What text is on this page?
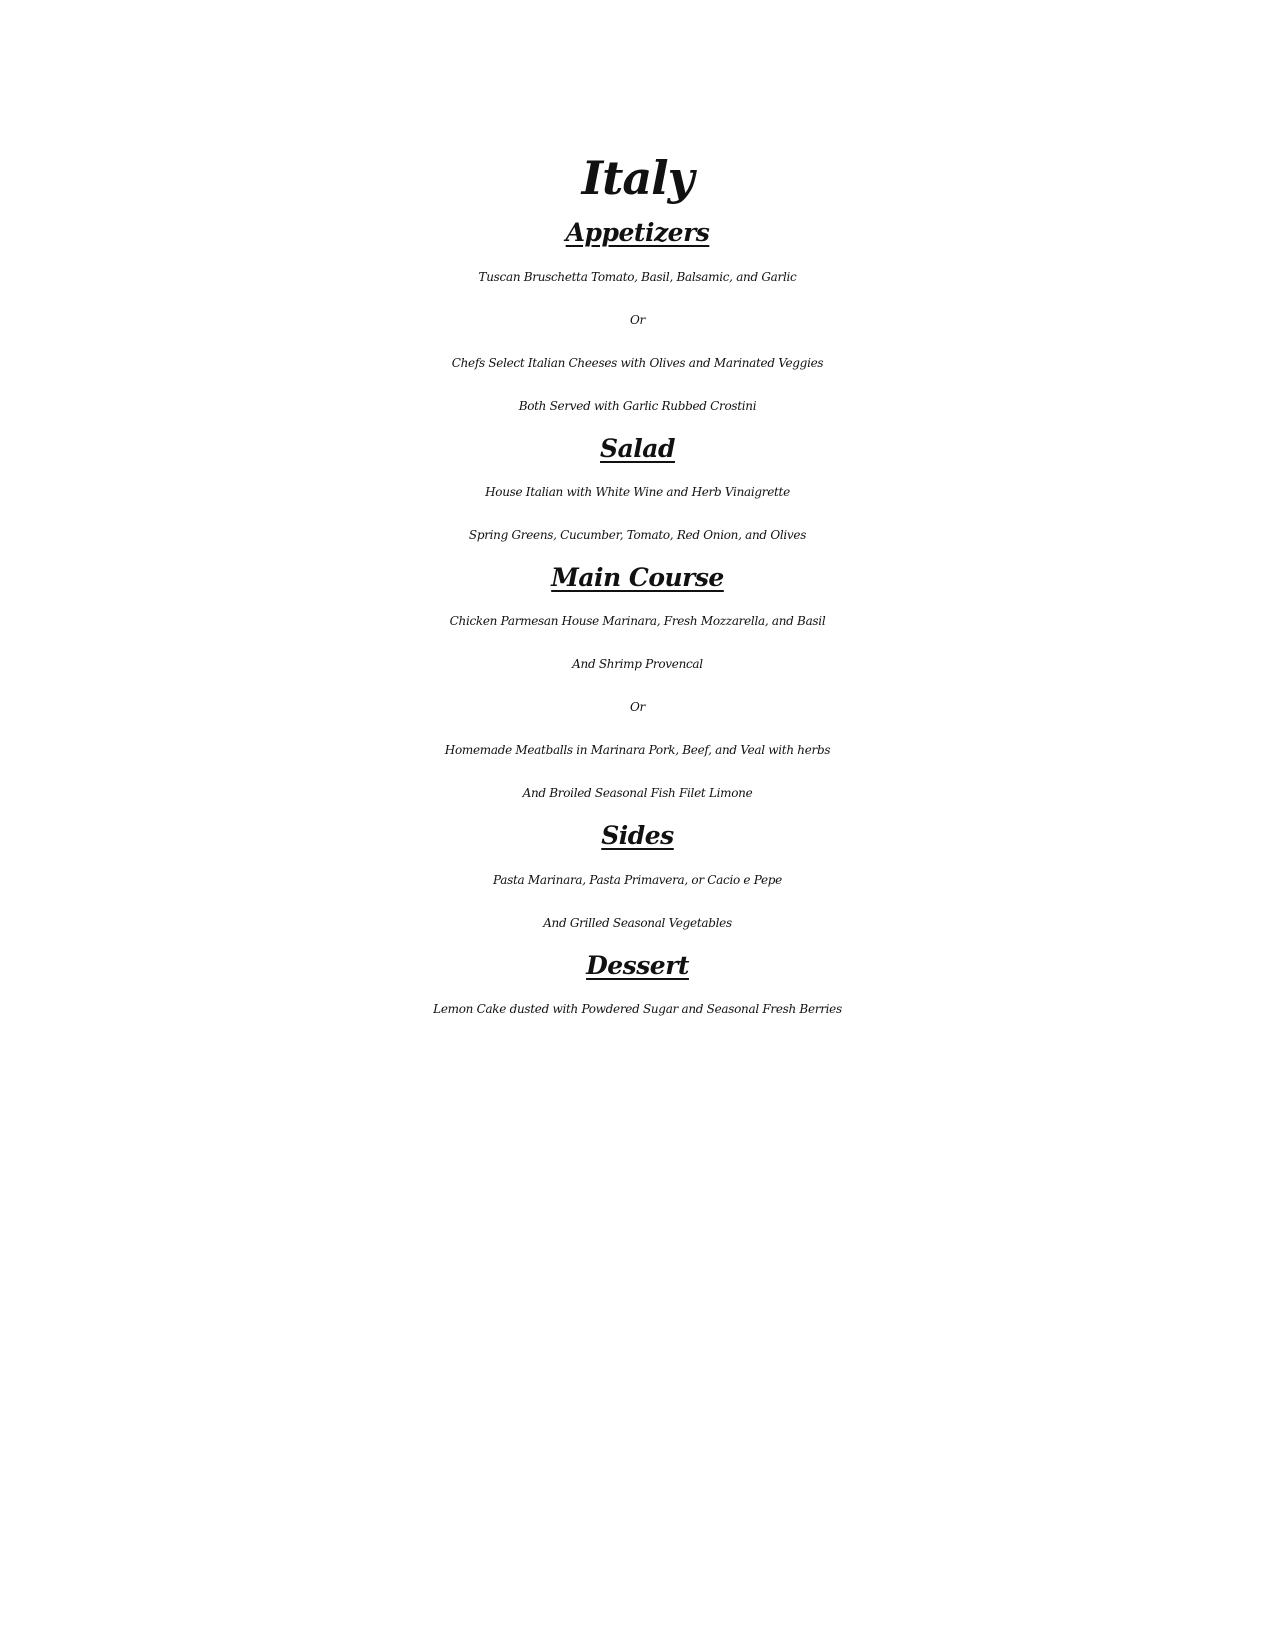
Italy
Appetizers
Tuscan Bruschetta Tomato, Basil, Balsamic, and Garlic
Or
Chefs Select Italian Cheeses with Olives and Marinated Veggies
Both Served with Garlic Rubbed Crostini
Salad
House Italian with White Wine and Herb Vinaigrette
Spring Greens, Cucumber, Tomato, Red Onion, and Olives
Main Course
Chicken Parmesan House Marinara, Fresh Mozzarella, and Basil
And Shrimp Provencal
Or
Homemade Meatballs in Marinara Pork, Beef, and Veal with herbs
And Broiled Seasonal Fish Filet Limone
Sides
Pasta Marinara, Pasta Primavera, or Cacio e Pepe
And Grilled Seasonal Vegetables
Dessert
Lemon Cake dusted with Powdered Sugar and Seasonal Fresh Berries
